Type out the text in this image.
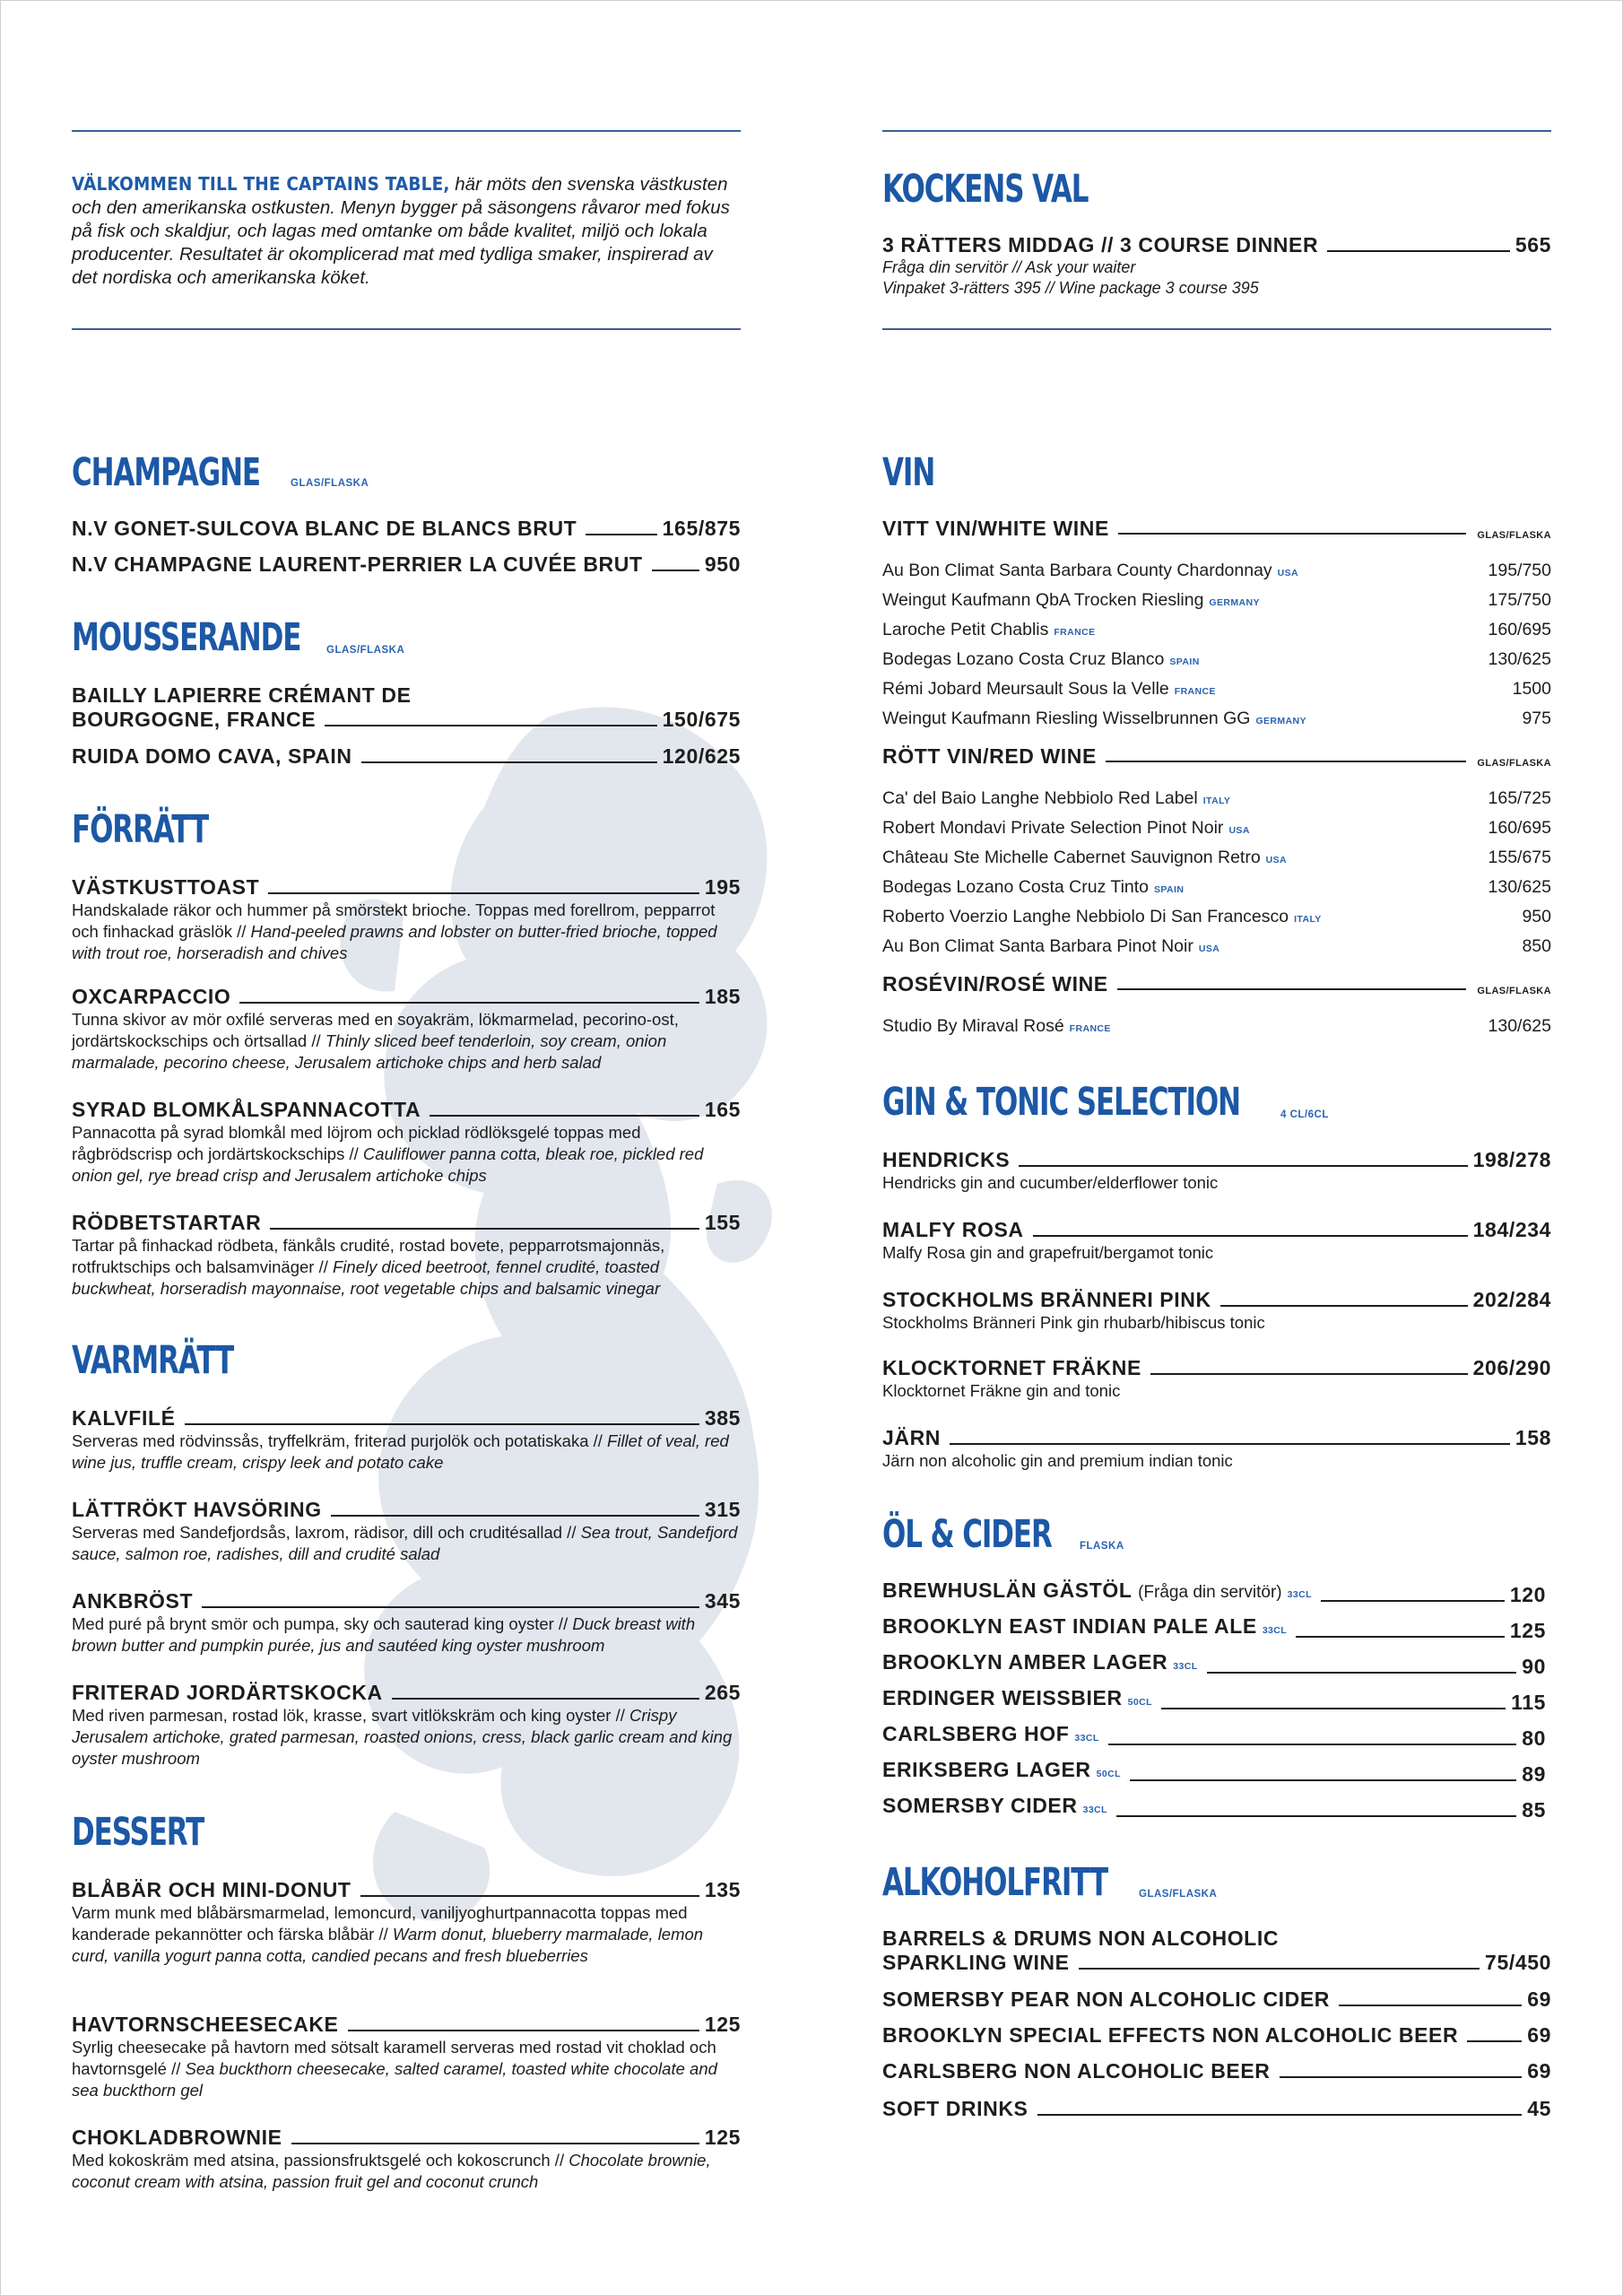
VÄLKOMMEN TILL THE CAPTAINS TABLE, här möts den svenska västkusten och den amerikanska ostkusten. Menyn bygger på säsongens råvaror med fokus på fisk och skaldjur, och lagas med omtanke om både kvalitet, miljö och lokala producenter. Resultatet är okomplicerad mat med tydliga smaker, inspirerad av det nordiska och amerikanska köket.
KOCKENS VAL
3 RÄTTERS MIDDAG // 3 COURSE DINNER	565
Fråga din servitör // Ask your waiter
Vinpaket 3-rätters 395 // Wine package 3 course 395
CHAMPAGNE	GLAS/FLASKA
N.V GONET-SULCOVA BLANC DE BLANCS BRUT	165/875
N.V CHAMPAGNE LAURENT-PERRIER LA CUVÉE BRUT	950
MOUSSERANDE GLAS/FLASKA
BAILLY LAPIERRE CRÉMANT DE
BOURGOGNE, FRANCE	150/675
RUIDA DOMO CAVA, SPAIN	120/625
FÖRRÄTT
VÄSTKUSTTOAST	195
Handskalade räkor och hummer på smörstekt brioche. Toppas med forellrom, pepparrot och finhackad gräslök // Hand-peeled prawns and lobster on butter-fried brioche, topped with trout roe, horseradish and chives
OXCARPACCIO	185
Tunna skivor av mör oxfilé serveras med en soyakräm, lökmarmelad, pecorino-ost, jordärtskockschips och örtsallad // Thinly sliced beef tenderloin, soy cream, onion marmalade, pecorino cheese, Jerusalem artichoke chips and herb salad
SYRAD BLOMKÅLSPANNACOTTA	165
Pannacotta på syrad blomkål med löjrom och picklad rödlöksgelé toppas med rågbrödscrisp och jordärtskockschips // Cauliflower panna cotta, bleak roe, pickled red onion gel, rye bread crisp and Jerusalem artichoke chips
RÖDBETSTARTAR	155
Tartar på finhackad rödbeta, fänkåls crudité, rostad bovete, pepparrotsmajonnäs, rotfruktschips och balsamvinäger // Finely diced beetroot, fennel crudité, toasted buckwheat, horseradish mayonnaise, root vegetable chips and balsamic vinegar
VARMRÄTT
KALVFILÉ	385
Serveras med rödvinssås, tryffelkräm, friterad purjolök och potatiskaka // Fillet of veal, red wine jus, truffle cream, crispy leek and potato cake
LÄTTRÖKT HAVSÖRING	315
Serveras med Sandefjordsås, laxrom, rädisor, dill och cruditésallad // Sea trout, Sandefjord sauce, salmon roe, radishes, dill and crudité salad
ANKBRÖST	345
Med puré på brynt smör och pumpa, sky och sauterad king oyster // Duck breast with brown butter and pumpkin purée, jus and sautéed king oyster mushroom
FRITERAD JORDÄRTSKOCKA	265
Med riven parmesan, rostad lök, krasse, svart vitlökskräm och king oyster // Crispy Jerusalem artichoke, grated parmesan, roasted onions, cress, black garlic cream and king oyster mushroom
DESSERT
BLÅBÄR OCH MINI-DONUT	135
Varm munk med blåbärsmarmelad, lemoncurd, vaniljyoghurtpannacotta toppas med kanderade pekannötter och färska blåbär // Warm donut, blueberry marmalade, lemon curd, vanilla yogurt panna cotta, candied pecans and fresh blueberries
HAVTORNSCHEESECAKE	125
Syrlig cheesecake på havtorn med sötsalt karamell serveras med rostad vit choklad och havtornsgelé // Sea buckthorn cheesecake, salted caramel, toasted white chocolate and sea buckthorn gel
CHOKLADBROWNIE	125
Med kokoskräm med atsina, passionsfruktsgelé och kokoscrunch // Chocolate brownie, coconut cream with atsina, passion fruit gel and coconut crunch
VIN
VITT VIN/WHITE WINE	GLAS/FLASKA
Au Bon Climat Santa Barbara County Chardonnay USA	195/750
Weingut Kaufmann QbA Trocken Riesling GERMANY	175/750
Laroche Petit Chablis FRANCE	160/695
Bodegas Lozano Costa Cruz Blanco SPAIN	130/625
Rémi Jobard Meursault Sous la Velle FRANCE	1500
Weingut Kaufmann Riesling Wisselbrunnen GG GERMANY	975
RÖTT VIN/RED WINE	GLAS/FLASKA
Ca' del Baio Langhe Nebbiolo Red Label ITALY	165/725
Robert Mondavi Private Selection Pinot Noir USA	160/695
Château Ste Michelle Cabernet Sauvignon Retro USA	155/675
Bodegas Lozano Costa Cruz Tinto SPAIN	130/625
Roberto Voerzio Langhe Nebbiolo Di San Francesco ITALY	950
Au Bon Climat Santa Barbara Pinot Noir USA	850
ROSÉVIN/ROSÉ WINE	GLAS/FLASKA
Studio By Miraval Rosé FRANCE	130/625
GIN & TONIC SELECTION	4 CL/6CL
HENDRICKS	198/278
Hendricks gin and cucumber/elderflower tonic
MALFY ROSA	184/234
Malfy Rosa gin and grapefruit/bergamot tonic
STOCKHOLMS BRÄNNERI PINK	202/284
Stockholms Bränneri Pink gin rhubarb/hibiscus tonic
KLOCKTORNET FRÄKNE	206/290
Klocktornet Fräkne gin and tonic
JÄRN	158
Järn non alcoholic gin and premium indian tonic
ÖL & CIDER	FLASKA
BREWHUSLÄN GÄSTÖL (Fråga din servitör) 33CL	120
BROOKLYN EAST INDIAN PALE ALE 33CL	125
BROOKLYN AMBER LAGER 33CL	90
ERDINGER WEISSBIER 50CL	115
CARLSBERG HOF 33CL	80
ERIKSBERG LAGER 50CL	89
SOMERSBY CIDER 33CL	85
ALKOHOLFRITT	GLAS/FLASKA
BARRELS & DRUMS NON ALCOHOLIC
SPARKLING WINE	75/450
SOMERSBY PEAR NON ALCOHOLIC CIDER	69
BROOKLYN SPECIAL EFFECTS NON ALCOHOLIC BEER	69
CARLSBERG NON ALCOHOLIC BEER	69
SOFT DRINKS	45
